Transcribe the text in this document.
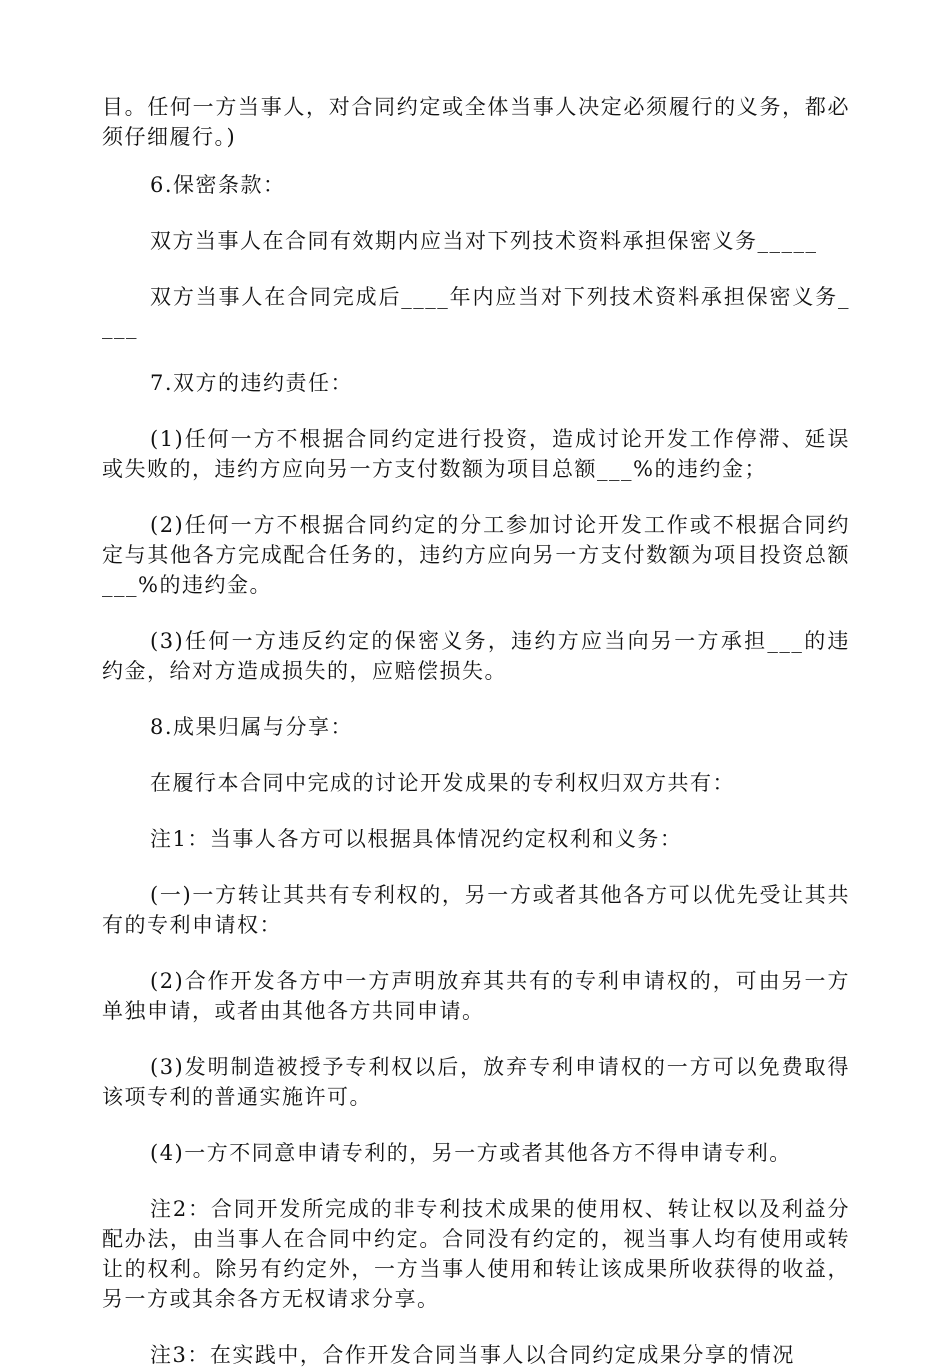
目。任何一方当事人，对合同约定或全体当事人决定必须履行的义务，都必须仔细履行。)

6.保密条款：

双方当事人在合同有效期内应当对下列技术资料承担保密义务_____

双方当事人在合同完成后____年内应当对下列技术资料承担保密义务____

7.双方的违约责任：

(1)任何一方不根据合同约定进行投资，造成讨论开发工作停滞、延误或失败的，违约方应向另一方支付数额为项目总额___%的违约金；

(2)任何一方不根据合同约定的分工参加讨论开发工作或不根据合同约定与其他各方完成配合任务的，违约方应向另一方支付数额为项目投资总额___%的违约金。

(3)任何一方违反约定的保密义务，违约方应当向另一方承担___的违约金，给对方造成损失的，应赔偿损失。

8.成果归属与分享：

在履行本合同中完成的讨论开发成果的专利权归双方共有：

注1：当事人各方可以根据具体情况约定权利和义务：

(一)一方转让其共有专利权的，另一方或者其他各方可以优先受让其共有的专利申请权：

(2)合作开发各方中一方声明放弃其共有的专利申请权的，可由另一方单独申请，或者由其他各方共同申请。

(3)发明制造被授予专利权以后，放弃专利申请权的一方可以免费取得该项专利的普通实施许可。

(4)一方不同意申请专利的，另一方或者其他各方不得申请专利。

注2：合同开发所完成的非专利技术成果的使用权、转让权以及利益分配办法，由当事人在合同中约定。合同没有约定的，视当事人均有使用或转让的权利。除另有约定外，一方当事人使用和转让该成果所收获得的收益，另一方或其余各方无权请求分享。

注3：在实践中，合作开发合同当事人以合同约定成果分享的情况
